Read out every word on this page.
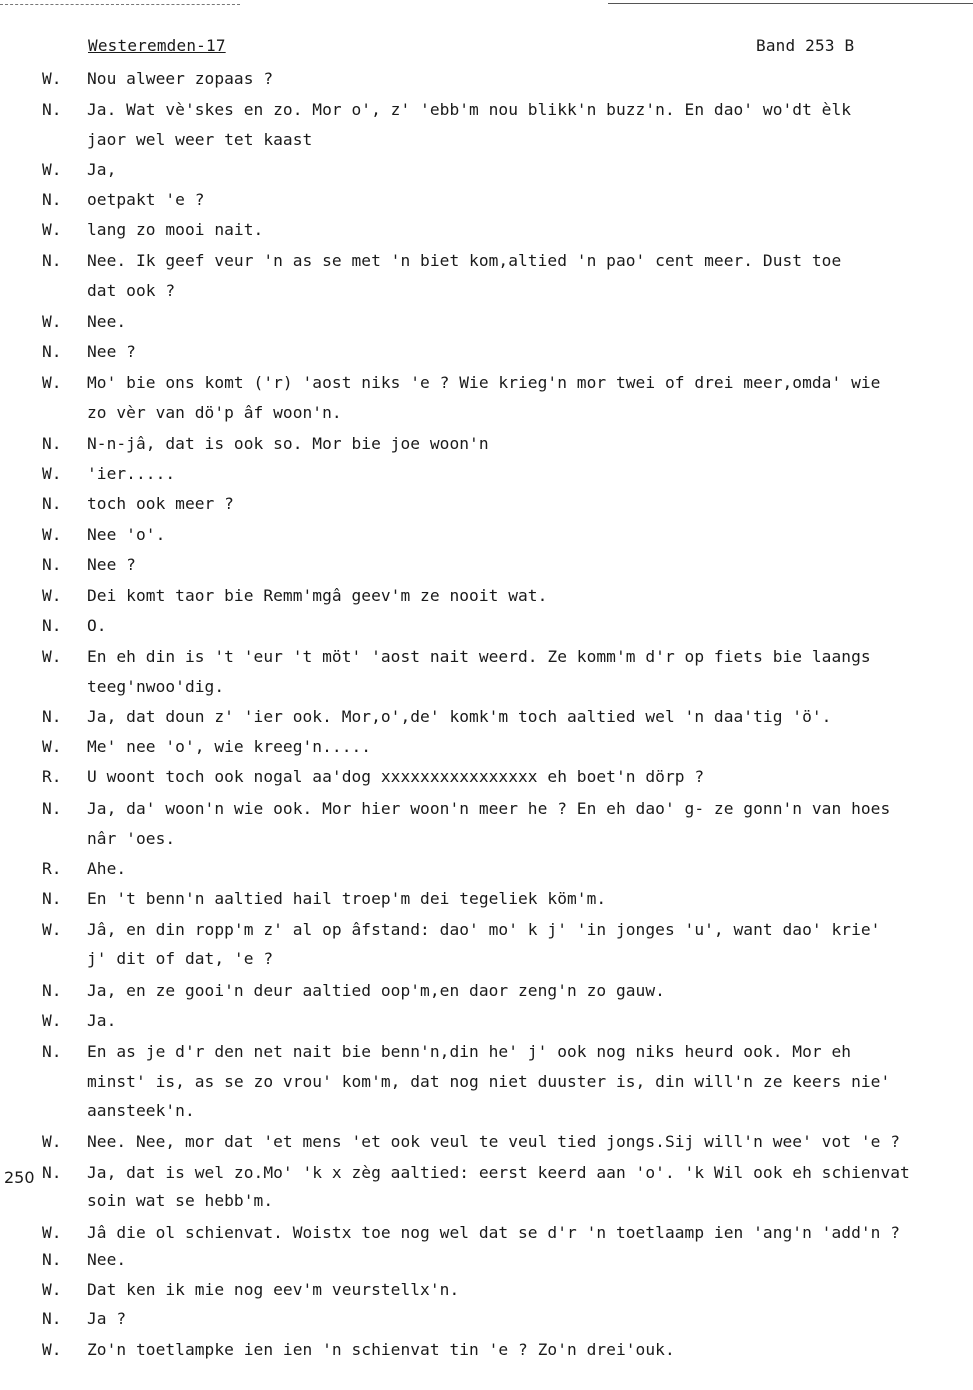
Westeremden-17	Band 253 B
W. Nou alweer zopaas ?
N. Ja. Wat vè'skes en zo. Mor o', z' 'ebb'm nou blikk'n buzz'n. En dao' wo'dt èlk
jaor wel weer tet kaast
W. Ja,
N. oetpakt 'e ?
W. lang zo mooi nait.
N. Nee. Ik geef veur 'n as se met 'n biet kom,altied 'n pao' cent meer. Dust toe
dat ook ?
W. Nee.
N. Nee ?
W. Mo' bie ons komt ('r) 'aost niks 'e ? Wie krieg'n mor twei of drei meer,omda' wie
zo vèr van dö'p âf woon'n.
N. N-n-jâ, dat is ook so. Mor bie joe woon'n
W. 'ier.....
N. toch ook meer ?
W. Nee 'o'.
N. Nee ?
W. Dei komt taor bie Remm'mgâ geev'm ze nooit wat.
N. O.
W. En eh din is 't 'eur 't möt' 'aost nait weerd. Ze komm'm d'r op fiets bie laangs
teeg'nwoo'dig.
N. Ja, dat doun z' 'ier ook. Mor,o',de' komk'm toch aaltied wel 'n daa'tig 'ö'.
W. Me' nee 'o', wie kreeg'n.....
R. U woont toch ook nogal aa'dog xxxxxxxxxxxxxxxx eh boet'n dörp ?
N. Ja, da' woon'n wie ook. Mor hier woon'n meer he ? En eh dao' g- ze gonn'n van hoes
nâr 'oes.
R. Ahe.
N. En 't benn'n aaltied hail troep'm dei tegeliek köm'm.
W. Jâ, en din ropp'm z' al op âfstand: dao' mo' k j' 'in jonges 'u', want dao' krie'
j' dit of dat, 'e ?
N. Ja, en ze gooi'n deur aaltied oop'm,en daor zeng'n zo gauw.
W. Ja.
N. En as je d'r den net nait bie benn'n,din he' j' ook nog niks heurd ook. Mor eh
minst' is, as se zo vrou' kom'm, dat nog niet duuster is, din will'n ze keers nie'
aansteek'n.
W. Nee. Nee, mor dat 'et mens 'et ook veul te veul tied jongs.Sij will'n wee' vot 'e ?
N. Ja, dat is wel zo.Mo' 'k x zèg aaltied: eerst keerd aan 'o'. 'k Wil ook eh schienvat
soin wat se hebb'm.
W. Jâ die ol schienvat. Woistx toe nog wel dat se d'r 'n toetlaamp ien 'ang'n 'add'n ?
N. Nee.
W. Dat ken ik mie nog eev'm veurstellx'n.
N. Ja ?
W. Zo'n toetlampke ien ien 'n schienvat tin 'e ? Zo'n drei'ouk.
250
